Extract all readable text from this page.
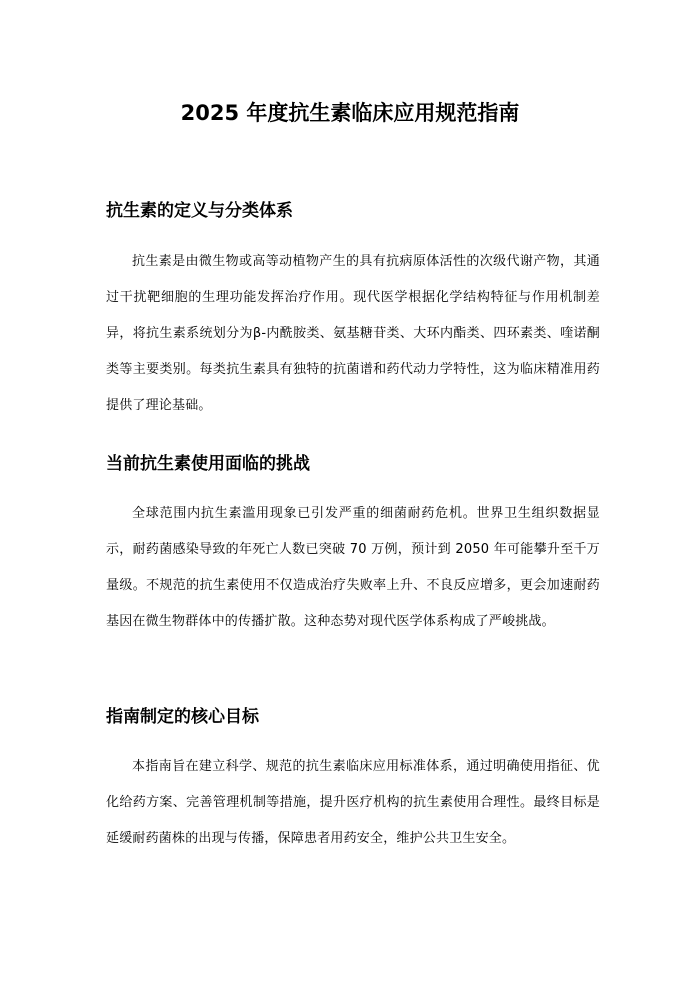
2025 年度抗生素临床应用规范指南
抗生素的定义与分类体系

抗生素是由微生物或高等动植物产生的具有抗病原体活性的次级代谢产物，其通过干扰靶细胞的生理功能发挥治疗作用。现代医学根据化学结构特征与作用机制差异，将抗生素系统划分为β-内酰胺类、氨基糖苷类、大环内酯类、四环素类、喹诺酮类等主要类别。每类抗生素具有独特的抗菌谱和药代动力学特性，这为临床精准用药提供了理论基础。

当前抗生素使用面临的挑战

全球范围内抗生素滥用现象已引发严重的细菌耐药危机。世界卫生组织数据显示，耐药菌感染导致的年死亡人数已突破 70 万例，预计到 2050 年可能攀升至千万量级。不规范的抗生素使用不仅造成治疗失败率上升、不良反应增多，更会加速耐药基因在微生物群体中的传播扩散。这种态势对现代医学体系构成了严峻挑战。

指南制定的核心目标

本指南旨在建立科学、规范的抗生素临床应用标准体系，通过明确使用指征、优化给药方案、完善管理机制等措施，提升医疗机构的抗生素使用合理性。最终目标是延缓耐药菌株的出现与传播，保障患者用药安全，维护公共卫生安全。
